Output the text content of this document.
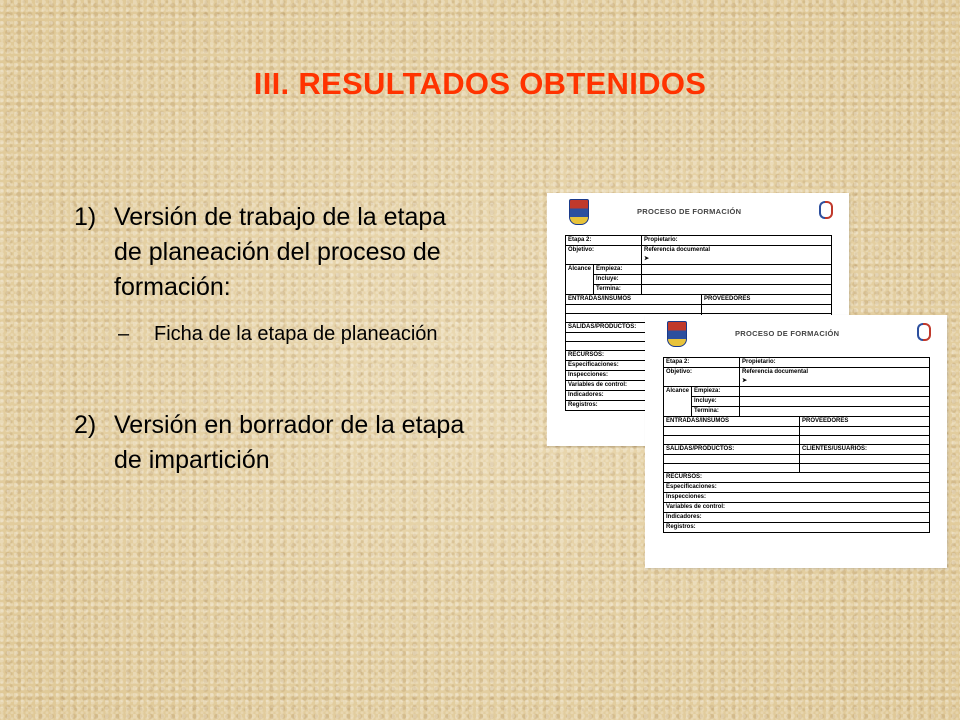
III. RESULTADOS OBTENIDOS
1) Versión de trabajo de la etapa de planeación del proceso de formación:
– Ficha de la etapa de planeación
2) Versión en borrador de la etapa de impartición
PROCESO DE FORMACIÓN
Etapa 2:		Propietario:	
Objetivo:		Referencia documental
➤	

Alcance	Empieza:		
	Incluye:		
	Termina:		
ENTRADAS/INSUMOS			PROVEEDORES

SALIDAS/PRODUCTOS:	

RECURSOS:			

Especificaciones:			
Inspecciones:			
Variables de control:			
Indicadores:			
Registros:			
PROCESO DE FORMACIÓN
Etapa 2:		Propietario:	
Objetivo:		Referencia documental
➤	

Alcance	Empieza:		
	Incluye:		
	Termina:		
ENTRADAS/INSUMOS			PROVEEDORES

SALIDAS/PRODUCTOS:			CLIENTES/USUARIOS:

RECURSOS:			

Especificaciones:			
Inspecciones:			
Variables de control:			
Indicadores:			
Registros:			
